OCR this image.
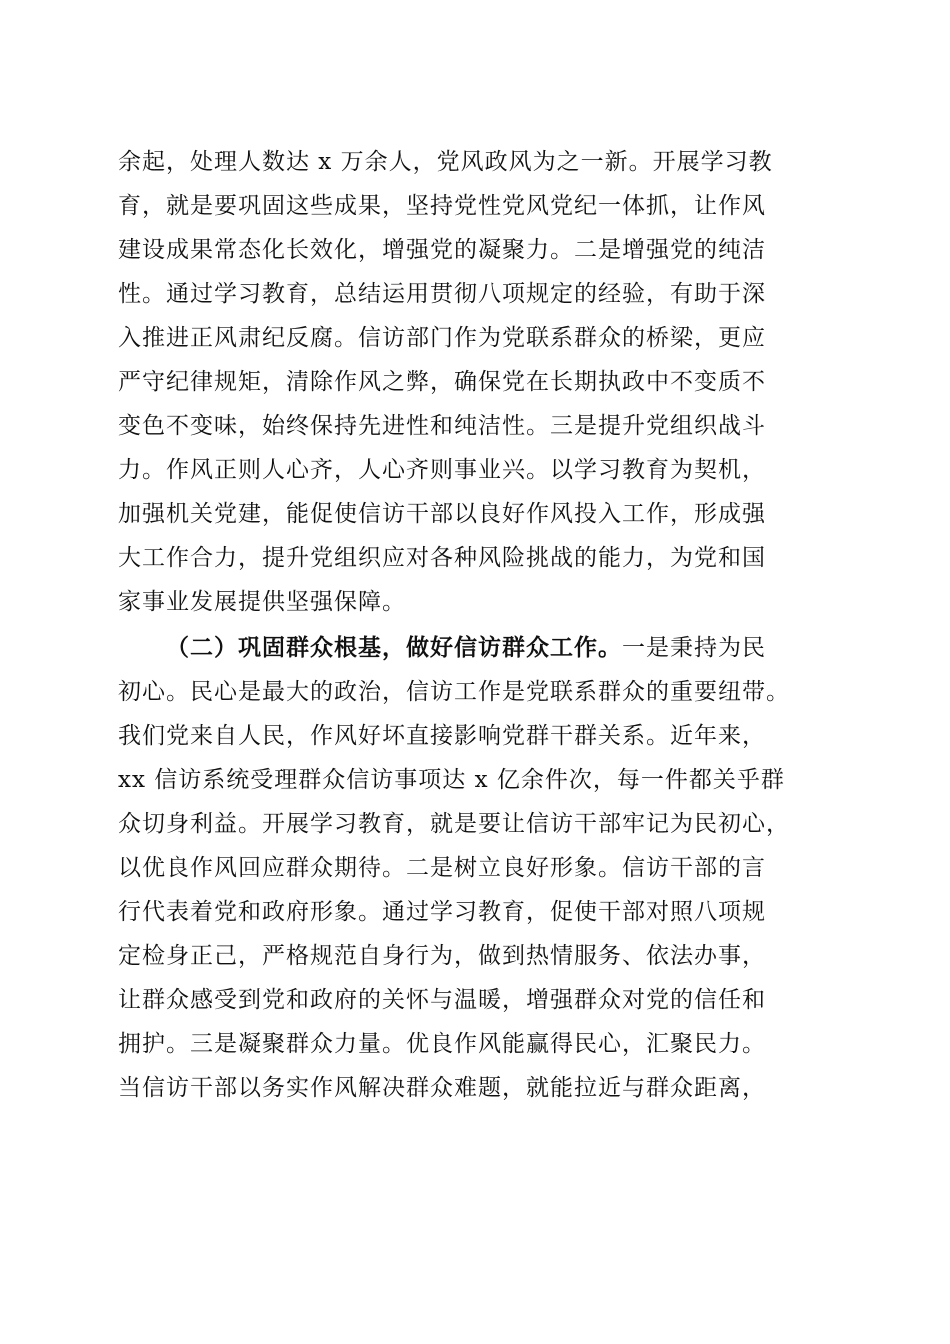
余起，处理人数达 x 万余人，党风政风为之一新。开展学习教
育，就是要巩固这些成果，坚持党性党风党纪一体抓，让作风
建设成果常态化长效化，增强党的凝聚力。二是增强党的纯洁
性。通过学习教育，总结运用贯彻八项规定的经验，有助于深
入推进正风肃纪反腐。信访部门作为党联系群众的桥梁，更应
严守纪律规矩，清除作风之弊，确保党在长期执政中不变质不
变色不变味，始终保持先进性和纯洁性。三是提升党组织战斗
力。作风正则人心齐，人心齐则事业兴。以学习教育为契机，
加强机关党建，能促使信访干部以良好作风投入工作，形成强
大工作合力，提升党组织应对各种风险挑战的能力，为党和国
家事业发展提供坚强保障。
（二）巩固群众根基，做好信访群众工作。一是秉持为民
初心。民心是最大的政治，信访工作是党联系群众的重要纽带。
我们党来自人民，作风好坏直接影响党群干群关系。近年来，
xx 信访系统受理群众信访事项达 x 亿余件次，每一件都关乎群
众切身利益。开展学习教育，就是要让信访干部牢记为民初心，
以优良作风回应群众期待。二是树立良好形象。信访干部的言
行代表着党和政府形象。通过学习教育，促使干部对照八项规
定检身正己，严格规范自身行为，做到热情服务、依法办事，
让群众感受到党和政府的关怀与温暖，增强群众对党的信任和
拥护。三是凝聚群众力量。优良作风能赢得民心，汇聚民力。
当信访干部以务实作风解决群众难题，就能拉近与群众距离，
